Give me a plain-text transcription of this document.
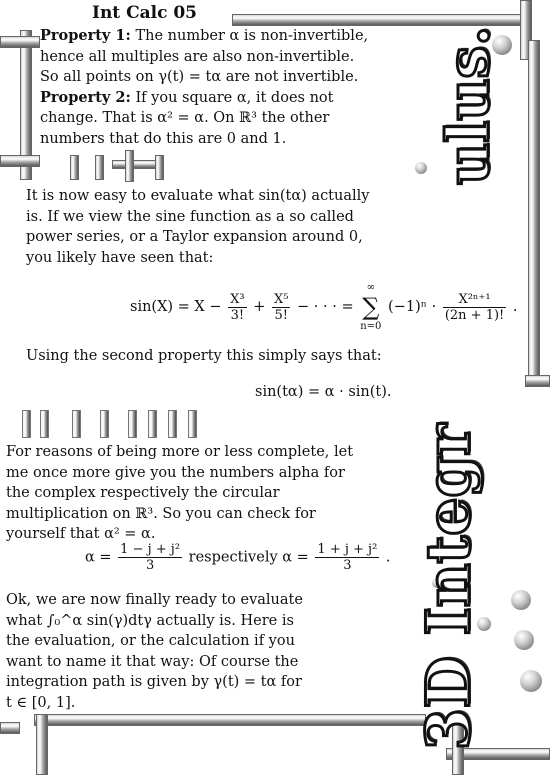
ulus.
3D Integr
Int Calc 05
Property 1: The number α is non-invertible, hence all multiples are also non-invertible. So all points on γ(t) = tα are not invertible.
Property 2: If you square α, it does not change. That is α² = α. On ℝ³ the other numbers that do this are 0 and 1.
It is now easy to evaluate what sin(tα) actually is. If we view the sine function as a so called power series, or a Taylor expansion around 0, you likely have seen that:
$\sin(X) = X - \frac{\text{X³}}{3!} + \frac{\text{X⁵}}{5!}$ − · · · =
∞
∑
n=0
$(-1)^n \cdot \frac{\text{X²ⁿ⁺¹}}{(2n + 1)!}$ .
Using the second property this simply says that:
sin(tα) = α · sin(t).
For reasons of being more or less complete, let me once more give you the numbers alpha for the complex respectively the circular multiplication on ℝ³. So you can check for yourself that α² = α.
$\alpha = \frac{\text{1 − j + j²}}{3}$ respectively $\alpha = \frac{\text{1 + j + j²}}{3}$ .
Ok, we are now finally ready to evaluate what ∫₀^α sin(γ)dtγ actually is. Here is the evaluation, or the calculation if you want to name it that way: Of course the integration path is given by γ(t) = tα for t ∈ [0, 1].
